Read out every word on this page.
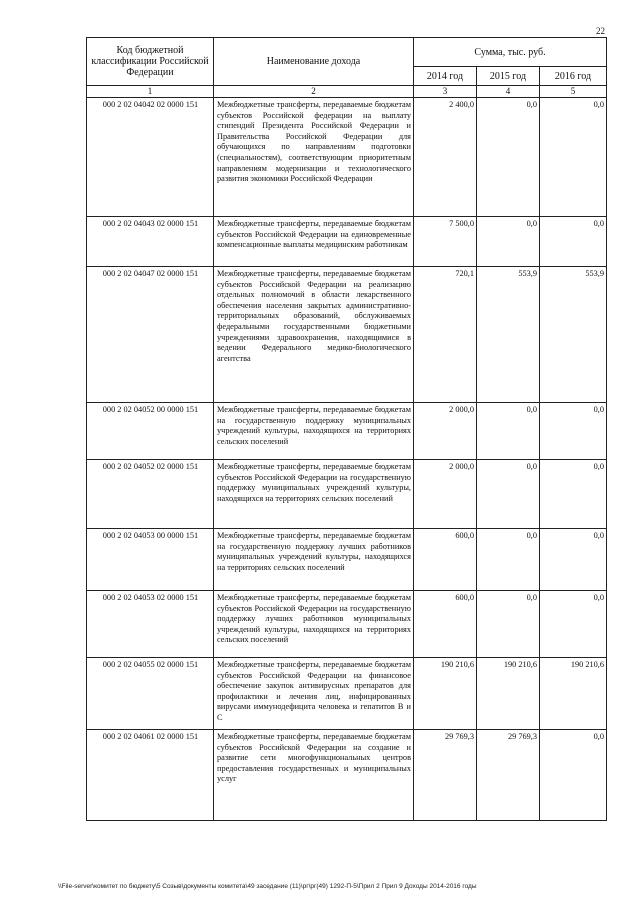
22
Код бюджетной классификации Российской Федерации	Наименование дохода	Сумма, тыс. руб.		
		2014 год	2015 год	2016 год
1	2	3	4	5
000 2 02 04042 02 0000 151	Межбюджетные трансферты, передаваемые бюджетам субъектов Российской федерации на выплату стипендий Президента Российской Федерации и Правительства Российской Федерации для обучающихся по направлениям подготовки (специальностям), соответствующим приоритетным направлениям модернизации и технологического развития экономики Российской Федерации	2 400,0	0,0	0,0
000 2 02 04043 02 0000 151	Межбюджетные трансферты, передаваемые бюджетам субъектов Российской Федерации на единовременные компенсационные выплаты медицинским работникам	7 500,0	0,0	0,0
000 2 02 04047 02 0000 151	Межбюджетные трансферты, передаваемые бюджетам субъектов Российской Федерации на реализацию отдельных полномочий в области лекарственного обеспечения населения закрытых административно-территориальных образований, обслуживаемых федеральными государственными бюджетными учреждениями здравоохранения, находящимися в ведении Федерального медико-биологического агентства	720,1	553,9	553,9
000 2 02 04052 00 0000 151	Межбюджетные трансферты, передаваемые бюджетам на государственную поддержку муниципальных учреждений культуры, находящихся на территориях сельских поселений	2 000,0	0,0	0,0
000 2 02 04052 02 0000 151	Межбюджетные трансферты, передаваемые бюджетам субъектов Российской Федерации на государственную поддержку муниципальных учреждений культуры, находящихся на территориях сельских поселений	2 000,0	0,0	0,0
000 2 02 04053 00 0000 151	Межбюджетные трансферты, передаваемые бюджетам на государственную поддержку лучших работников муниципальных учреждений культуры, находящихся на территориях сельских поселений	600,0	0,0	0,0
000 2 02 04053 02 0000 151	Межбюджетные трансферты, передаваемые бюджетам субъектов Российской Федерации на государственную поддержку лучших работников муниципальных учреждений культуры, находящихся на территориях сельских поселений	600,0	0,0	0,0
000 2 02 04055 02 0000 151	Межбюджетные трансферты, передаваемые бюджетам субъектов Российской Федерации на финансовое обеспечение закупок антивирусных препаратов для профилактики и лечения лиц, инфицированных вирусами иммунодефицита человека и гепатитов В и С	190 210,6	190 210,6	190 210,6
000 2 02 04061 02 0000 151	Межбюджетные трансферты, передаваемые бюджетам субъектов Российской Федерации на создание и развитие сети многофункциональных центров предоставления государственных и муниципальных услуг	29 769,3	29 769,3	0,0
\\File-server\комитет по бюджету\5 Созыв\документы комитета\49 заседание (11)\рг\рг(49) 1292-П-5\Прил 2 Прил 9 Доходы 2014-2016 годы
